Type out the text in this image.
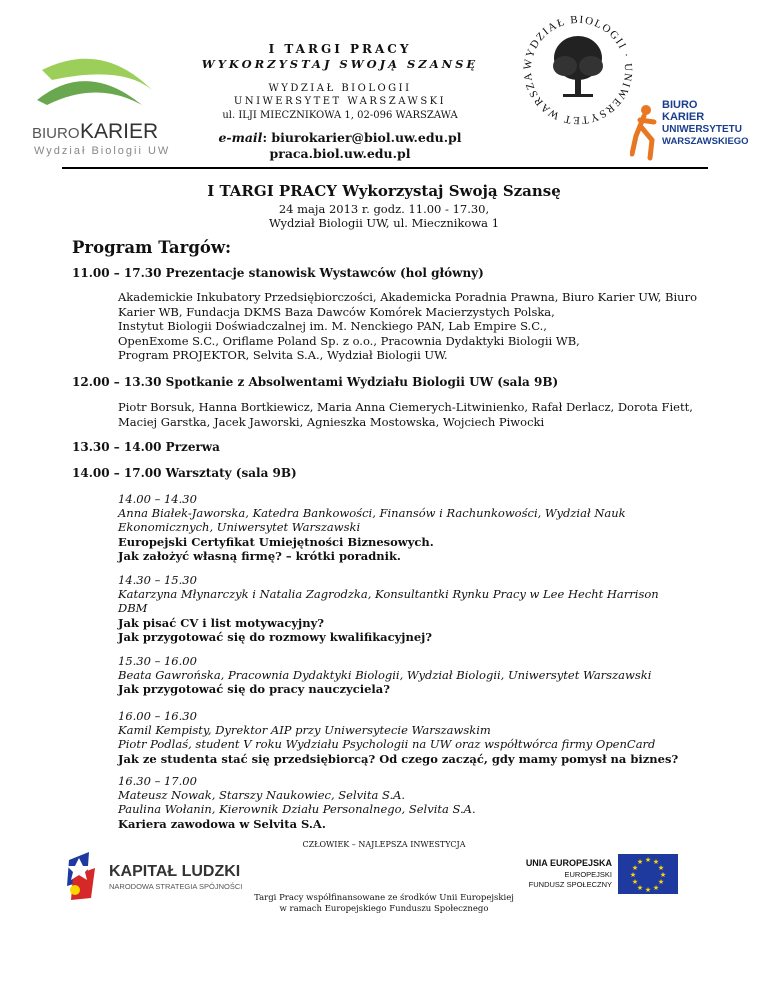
BIURO KARIER
Wydział Biologii UW
I TARGI PRACY
WYKORZYSTAJ SWOJĄ SZANSĘ
WYDZIAŁ BIOLOGII
UNIWERSYTET WARSZAWSKI
ul. ILJI MIECZNIKOWA 1, 02-096 WARSZAWA
e-mail: biurokarier@biol.uw.edu.pl
praca.biol.uw.edu.pl
WYDZIAŁ BIOLOGII · UNIWERSYTET WARSZA
BIURO
KARIER
UNIWERSYTETU
WARSZAWSKIEGO
I TARGI PRACY Wykorzystaj Swoją Szansę
24 maja 2013 r. godz. 11.00 - 17.30,
Wydział Biologii UW, ul. Miecznikowa 1
Program Targów:
11.00 – 17.30 Prezentacje stanowisk Wystawców (hol główny)
Akademickie Inkubatory Przedsiębiorczości, Akademicka Poradnia Prawna, Biuro Karier UW, Biuro
Karier WB, Fundacja DKMS Baza Dawców Komórek Macierzystych Polska,
Instytut Biologii Doświadczalnej im. M. Nenckiego PAN, Lab Empire S.C.,
OpenExome S.C., Oriflame Poland Sp. z o.o., Pracownia Dydaktyki Biologii WB,
Program PROJEKTOR, Selvita S.A., Wydział Biologii UW.
12.00 – 13.30 Spotkanie z Absolwentami Wydziału Biologii UW (sala 9B)
Piotr Borsuk, Hanna Bortkiewicz, Maria Anna Ciemerych-Litwinienko, Rafał Derlacz, Dorota Fiett,
Maciej Garstka, Jacek Jaworski, Agnieszka Mostowska, Wojciech Piwocki
13.30 – 14.00 Przerwa
14.00 – 17.00 Warsztaty (sala 9B)
14.00 – 14.30
Anna Białek-Jaworska, Katedra Bankowości, Finansów i Rachunkowości, Wydział Nauk
Ekonomicznych, Uniwersytet Warszawski
Europejski Certyfikat Umiejętności Biznesowych.
Jak założyć własną firmę? – krótki poradnik.
14.30 – 15.30
Katarzyna Młynarczyk i Natalia Zagrodzka, Konsultantki Rynku Pracy w Lee Hecht Harrison
DBM
Jak pisać CV i list motywacyjny?
Jak przygotować się do rozmowy kwalifikacyjnej?
15.30 – 16.00
Beata Gawrońska, Pracownia Dydaktyki Biologii, Wydział Biologii, Uniwersytet Warszawski
Jak przygotować się do pracy nauczyciela?
16.00 – 16.30
Kamil Kempisty, Dyrektor AIP przy Uniwersytecie Warszawskim
Piotr Podlaś, student V roku Wydziału Psychologii na UW oraz współtwórca firmy OpenCard
Jak ze studenta stać się przedsiębiorcą? Od czego zacząć, gdy mamy pomysł na biznes?
16.30 – 17.00
Mateusz Nowak, Starszy Naukowiec, Selvita S.A.
Paulina Wołanin, Kierownik Działu Personalnego, Selvita S.A.
Kariera zawodowa w Selvita S.A.
CZŁOWIEK – NAJLEPSZA INWESTYCJA
KAPITAŁ LUDZKI
NARODOWA STRATEGIA SPÓJNOŚCI
Targi Pracy współfinansowane ze środków Unii Europejskiej
w ramach Europejskiego Funduszu Społecznego
UNIA EUROPEJSKA
EUROPEJSKI
FUNDUSZ SPOŁECZNY
★ ★
★
★
★
★
★
★
★
★
★
★
